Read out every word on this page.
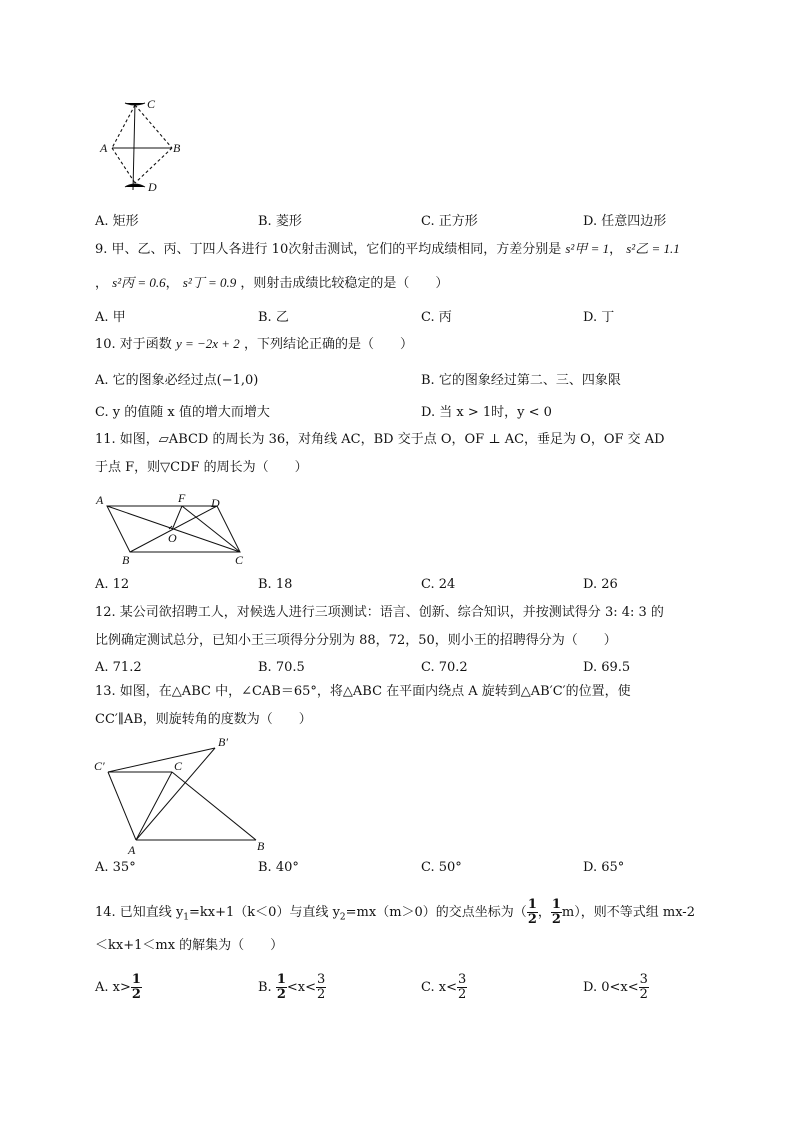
C
A	B
D
A. 矩形	B. 菱形	C. 正方形	D. 任意四边形
9. 甲、乙、丙、丁四人各进行 10次射击测试，它们的平均成绩相同，方差分别是 s²甲 = 1， s²乙 = 1.1
， s²丙 = 0.6， s²丁 = 0.9 ，则射击成绩比较稳定的是（　　）
A. 甲	B. 乙	C. 丙	D. 丁
10. 对于函数 y = −2x + 2 ，下列结论正确的是（　　）
A. 它的图象必经过点(−1,0)	B. 它的图象经过第二、三、四象限
C. y 的值随 x 值的增大而增大	D. 当 x > 1时，y < 0
11. 如图，▱ABCD 的周长为 36，对角线 AC，BD 交于点 O，OF ⊥ AC，垂足为 O，OF 交 AD
于点 F，则▽CDF 的周长为（　　）
A	F D
O
B	C
A. 12	B. 18	C. 24	D. 26
12. 某公司欲招聘工人，对候选人进行三项测试：语言、创新、综合知识，并按测试得分 3: 4: 3 的
比例确定测试总分，已知小王三项得分分别为 88，72，50，则小王的招聘得分为（　　）
A. 71.2	B. 70.5	C. 70.2	D. 69.5
13. 如图，在△ABC 中，∠CAB＝65°，将△ABC 在平面内绕点 A 旋转到△AB′C′的位置，使
CC′∥AB，则旋转角的度数为（　　）
B′
C′	C
A	B
A. 35°	B. 40°	C. 50°	D. 65°
14. 已知直线 $y_1=kx+1(k<0)$与直线 $y_2=mx(m>0)$的交点坐标为（ $\frac{1}{2}$ ， $\frac{1}{2} m$），则不等式组 mx-2
＜kx+1＜mx 的解集为（　　）
A. $x> \frac{1}{2}$	B. $\frac{1}{2} <x< \frac{3}{2}$	C. $x< \frac{3}{2}$	D. $0<x< \frac{3}{2}$
